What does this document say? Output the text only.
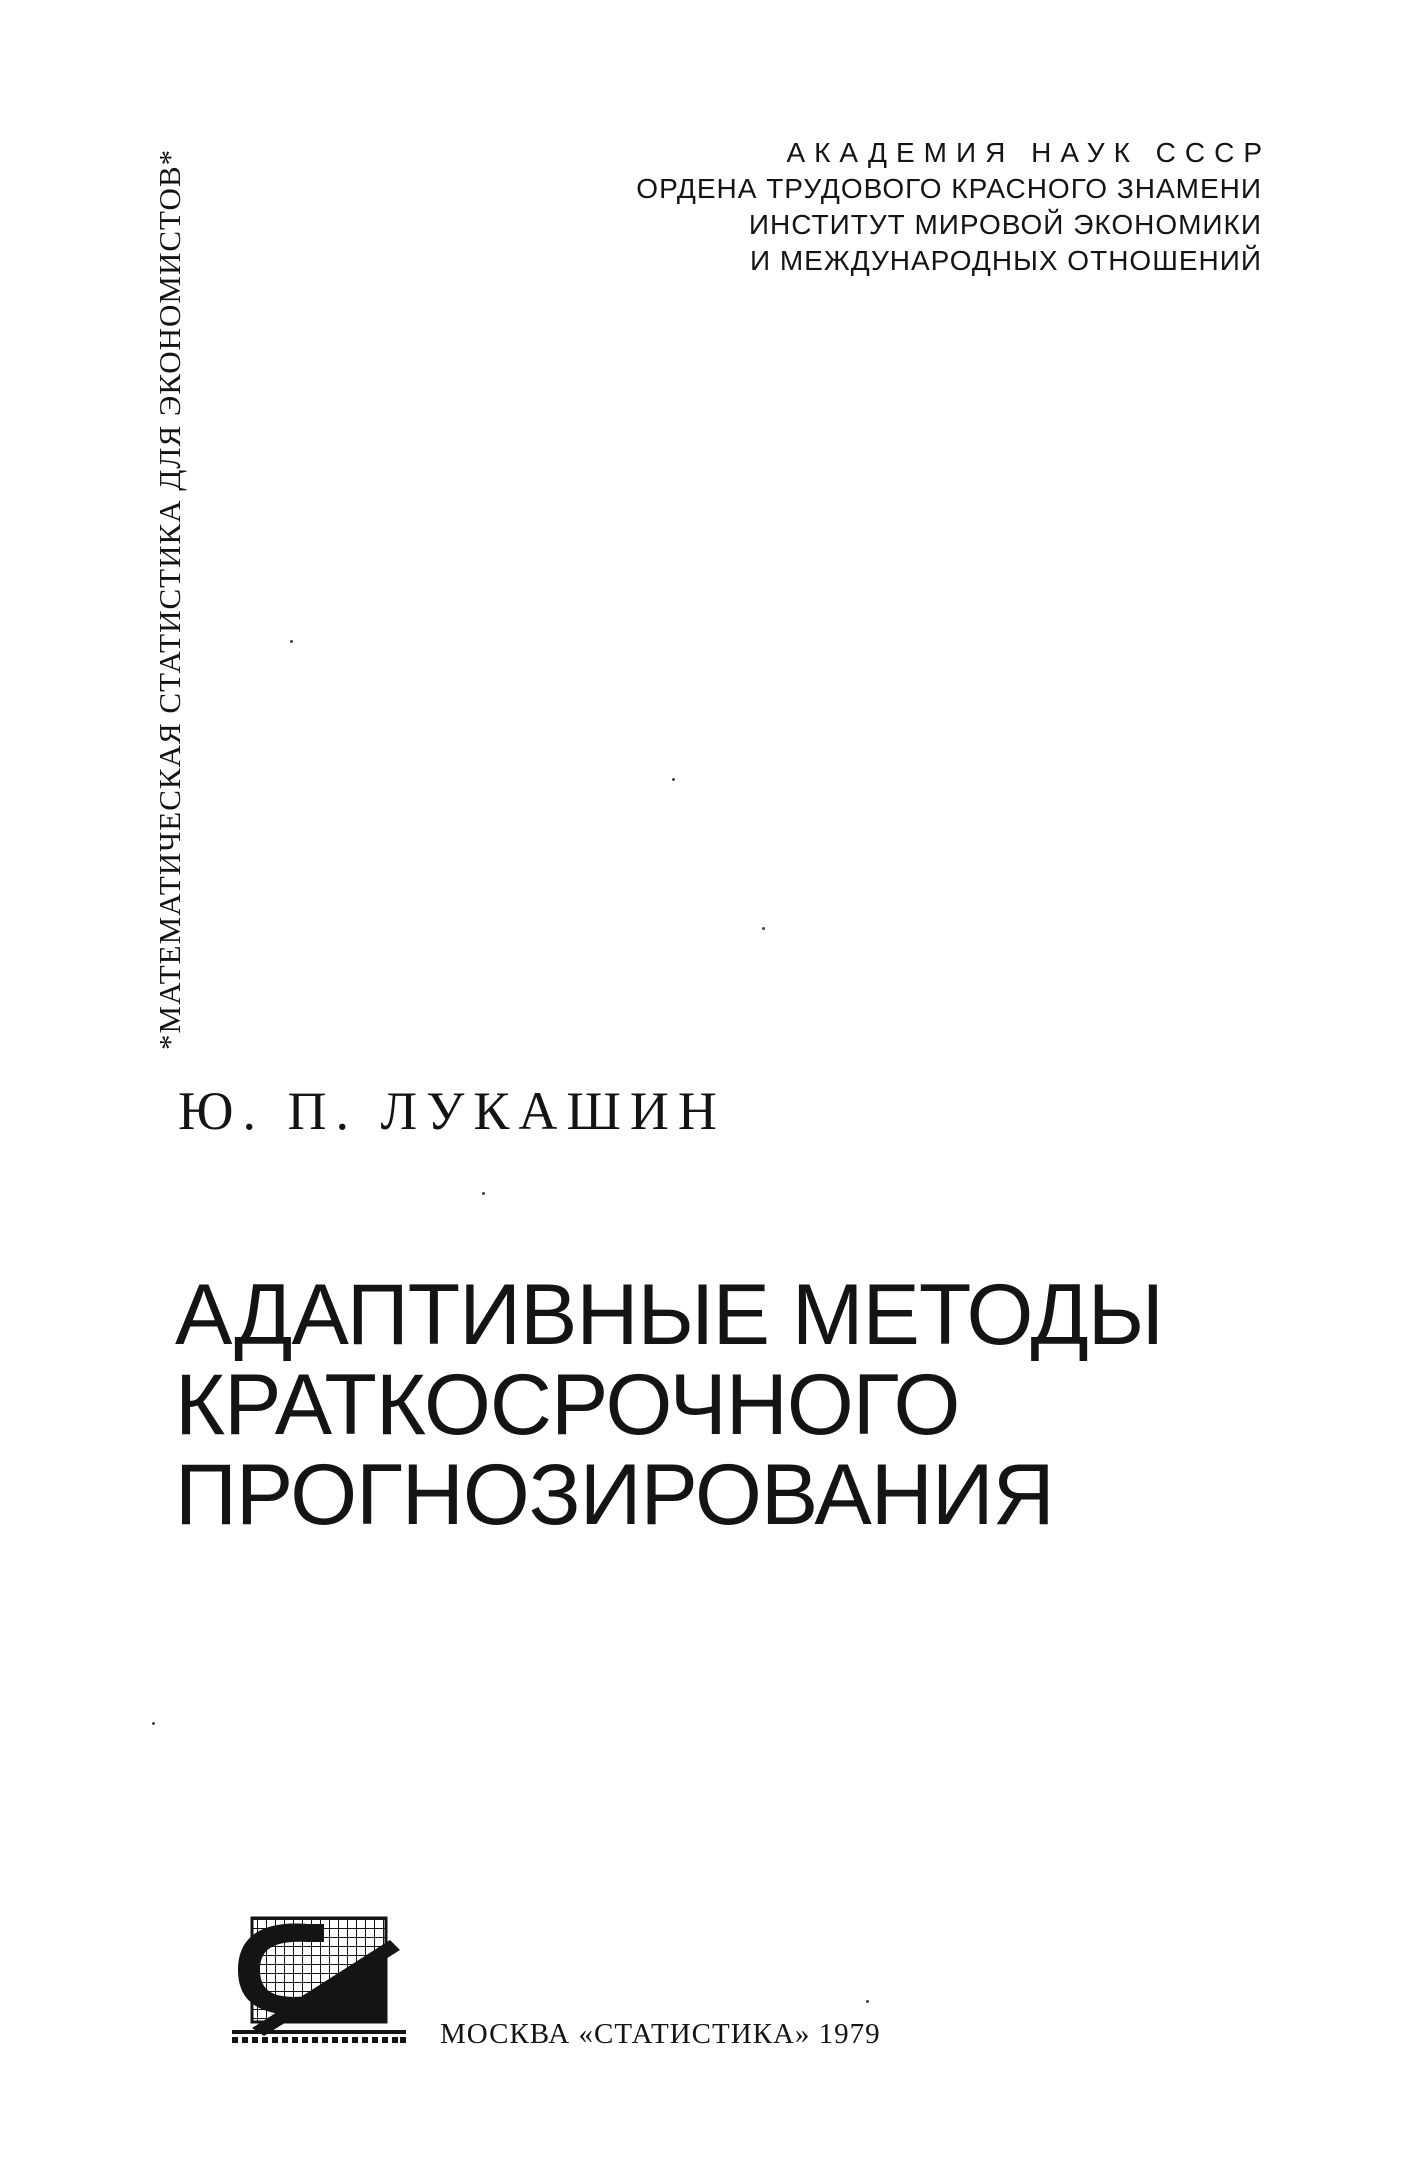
*МАТЕМАТИЧЕСКАЯ СТАТИСТИКА ДЛЯ ЭКОНОМИСТОВ*	АКАДЕМИЯ НАУК СССР
ОРДЕНА ТРУДОВОГО КРАСНОГО ЗНАМЕНИ
ИНСТИТУТ МИРОВОЙ ЭКОНОМИКИ
И МЕЖДУНАРОДНЫХ ОТНОШЕНИЙ
Ю. П. ЛУКАШИН
АДАПТИВНЫЕ МЕТОДЫ
КРАТКОСРОЧНОГО
ПРОГНОЗИРОВАНИЯ
МОСКВА «СТАТИСТИКА» 1979
